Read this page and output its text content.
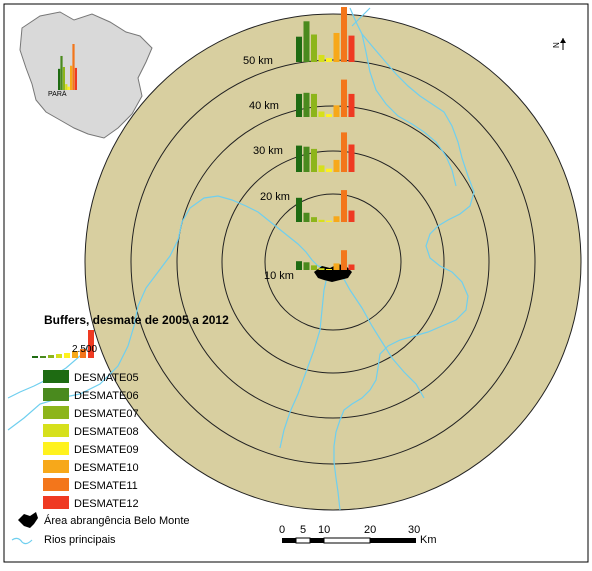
10 km
20 km
30 km
40 km
50 km
PARÁ
N
Buffers, desmate de 2005 a 2012
2.500
DESMATE05
DESMATE06
DESMATE07
DESMATE08
DESMATE09
DESMATE10
DESMATE11
DESMATE12
Área abrangência Belo Monte
Rios principais
0 5 10	20	30
Km
